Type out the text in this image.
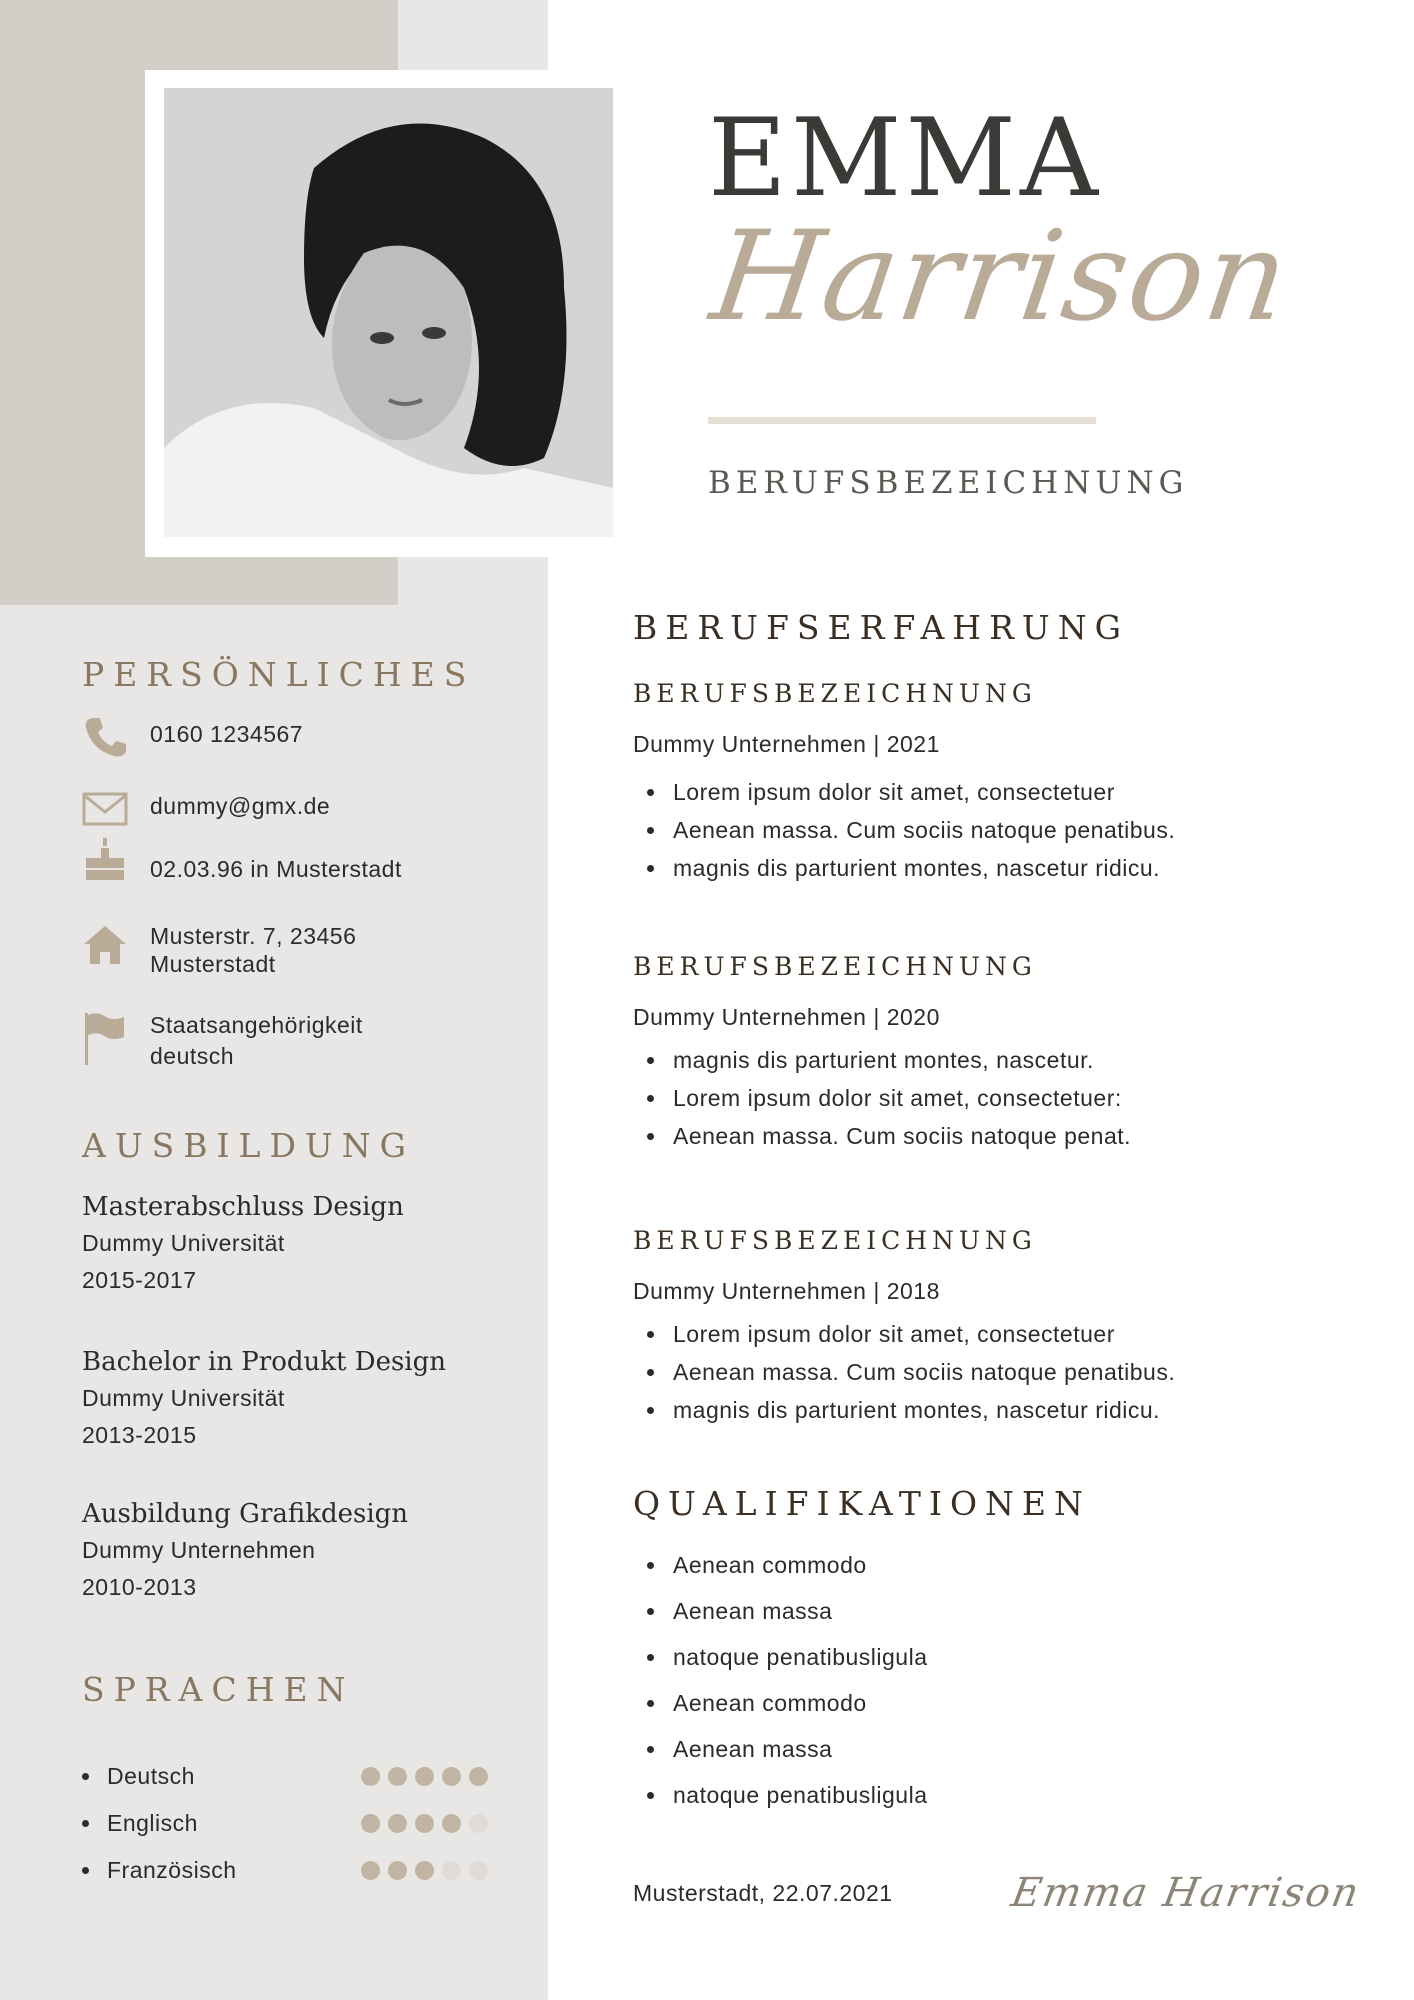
EMMA
Harrison
BERUFSBEZEICHNUNG
PERSÖNLICHES
0160 1234567
dummy@gmx.de
02.03.96 in Musterstadt
Musterstr. 7, 23456
Musterstadt
Staatsangehörigkeit
deutsch
AUSBILDUNG
Masterabschluss Design
Dummy Universität
2015-2017
Bachelor in Produkt Design
Dummy Universität
2013-2015
Ausbildung Grafikdesign
Dummy Unternehmen
2010-2013
SPRACHEN
Deutsch
Englisch
Französisch
BERUFSERFAHRUNG
BERUFSBEZEICHNUNG
Dummy Unternehmen | 2021
Lorem ipsum dolor sit amet, consectetuer
Aenean massa. Cum sociis natoque penatibus.
magnis dis parturient montes, nascetur ridicu.
BERUFSBEZEICHNUNG
Dummy Unternehmen | 2020
magnis dis parturient montes, nascetur.
Lorem ipsum dolor sit amet, consectetuer:
Aenean massa. Cum sociis natoque penat.
BERUFSBEZEICHNUNG
Dummy Unternehmen | 2018
Lorem ipsum dolor sit amet, consectetuer
Aenean massa. Cum sociis natoque penatibus.
magnis dis parturient montes, nascetur ridicu.
QUALIFIKATIONEN
Aenean commodo
Aenean massa
natoque penatibusligula
Aenean commodo
Aenean massa
natoque penatibusligula
Musterstadt, 22.07.2021	Emma Harrison
